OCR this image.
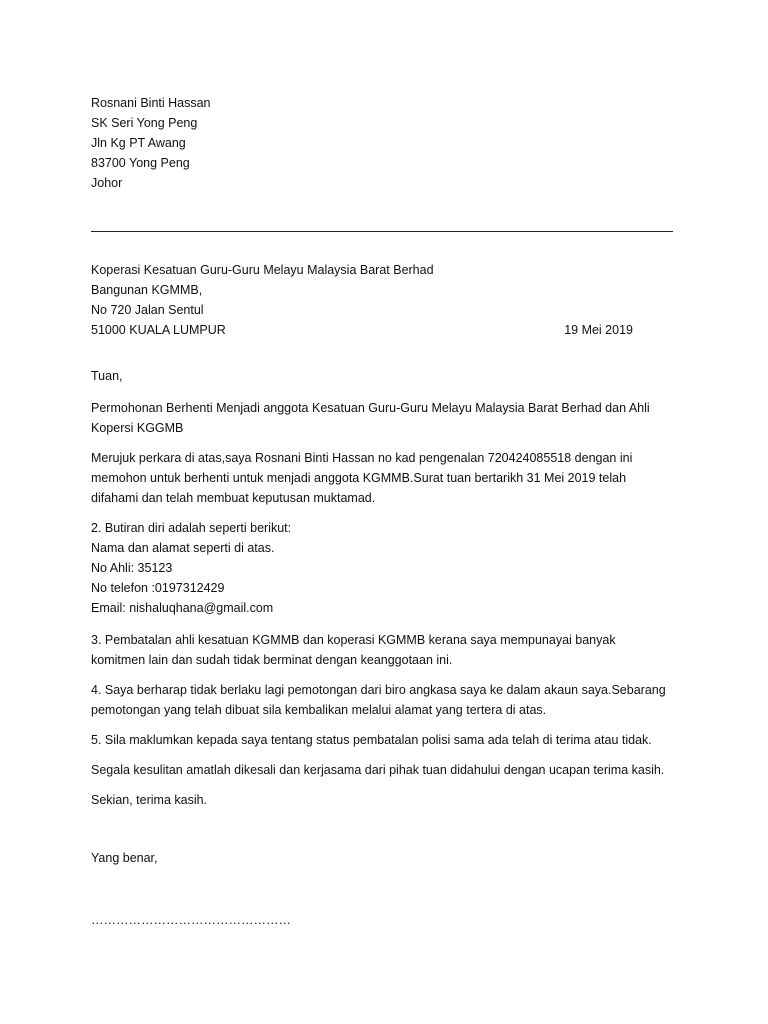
Rosnani Binti Hassan
SK Seri Yong Peng
Jln Kg PT Awang
83700 Yong Peng
Johor
Koperasi Kesatuan Guru-Guru Melayu Malaysia Barat Berhad
Bangunan KGMMB,
No 720 Jalan Sentul
51000 KUALA LUMPUR	19 Mei 2019
Tuan,
Permohonan Berhenti Menjadi anggota Kesatuan Guru-Guru Melayu Malaysia Barat Berhad dan Ahli
Kopersi KGGMB
Merujuk perkara di atas,saya Rosnani Binti Hassan no kad pengenalan 720424085518 dengan ini
memohon untuk berhenti untuk menjadi anggota KGMMB.Surat tuan bertarikh 31 Mei 2019 telah
difahami dan telah membuat keputusan muktamad.
2. Butiran diri adalah seperti berikut:
Nama dan alamat seperti di atas.
No Ahli: 35123
No telefon :0197312429
Email: nishaluqhana@gmail.com
3. Pembatalan ahli kesatuan KGMMB dan koperasi KGMMB kerana saya mempunayai banyak
komitmen lain dan sudah tidak berminat dengan keanggotaan ini.
4. Saya berharap tidak berlaku lagi pemotongan dari biro angkasa saya ke dalam akaun saya.Sebarang
pemotongan yang telah dibuat sila kembalikan melalui alamat yang tertera di atas.
5. Sila maklumkan kepada saya tentang status pembatalan polisi sama ada telah di terima atau tidak.
Segala kesulitan amatlah dikesali dan kerjasama dari pihak tuan didahului dengan ucapan terima kasih.
Sekian, terima kasih.
Yang benar,
…………………………………………
